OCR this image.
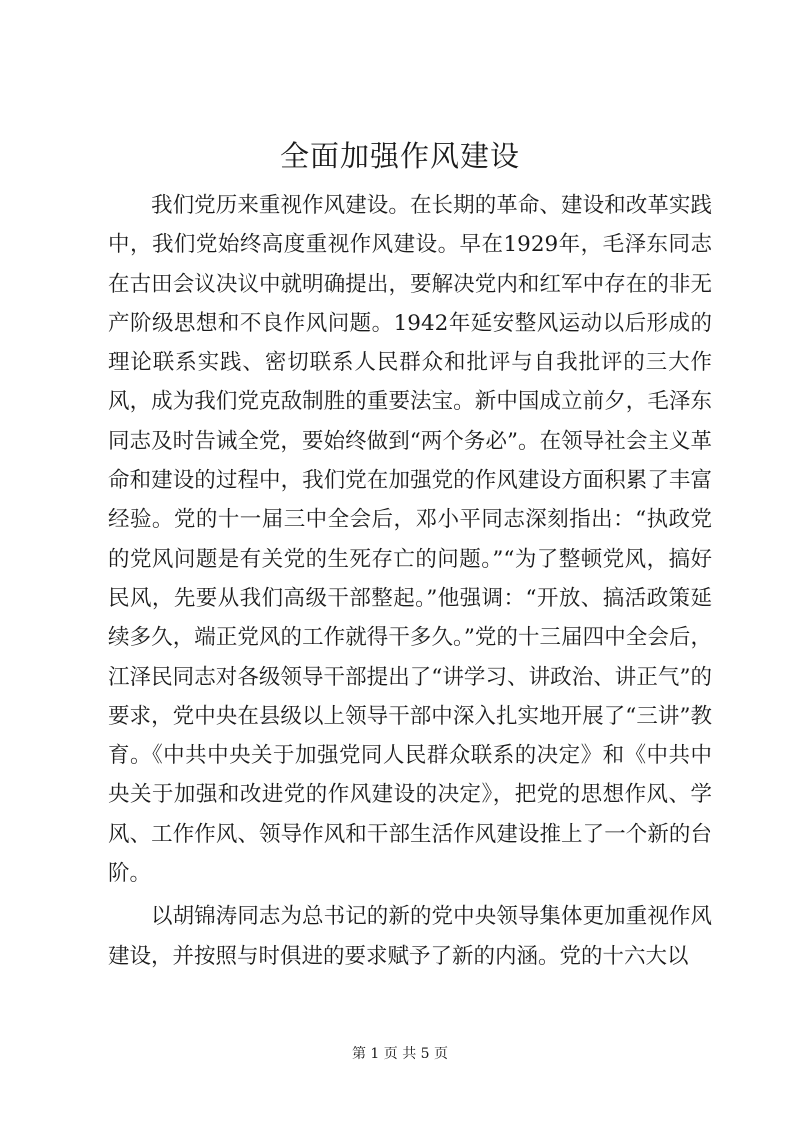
全面加强作风建设

我们党历来重视作风建设。在长期的革命、建设和改革实践中，我们党始终高度重视作风建设。早在1929年，毛泽东同志在古田会议决议中就明确提出，要解决党内和红军中存在的非无产阶级思想和不良作风问题。1942年延安整风运动以后形成的理论联系实践、密切联系人民群众和批评与自我批评的三大作风，成为我们党克敌制胜的重要法宝。新中国成立前夕，毛泽东同志及时告诫全党，要始终做到“两个务必”。在领导社会主义革命和建设的过程中，我们党在加强党的作风建设方面积累了丰富经验。党的十一届三中全会后，邓小平同志深刻指出：“执政党的党风问题是有关党的生死存亡的问题。”“为了整顿党风，搞好民风，先要从我们高级干部整起。”他强调：“开放、搞活政策延续多久，端正党风的工作就得干多久。”党的十三届四中全会后，江泽民同志对各级领导干部提出了“讲学习、讲政治、讲正气”的要求，党中央在县级以上领导干部中深入扎实地开展了“三讲”教育。《中共中央关于加强党同人民群众联系的决定》和《中共中央关于加强和改进党的作风建设的决定》，把党的思想作风、学风、工作作风、领导作风和干部生活作风建设推上了一个新的台阶。

以胡锦涛同志为总书记的新的党中央领导集体更加重视作风建设，并按照与时俱进的要求赋予了新的内涵。党的十六大以

第 1 页 共 5 页
